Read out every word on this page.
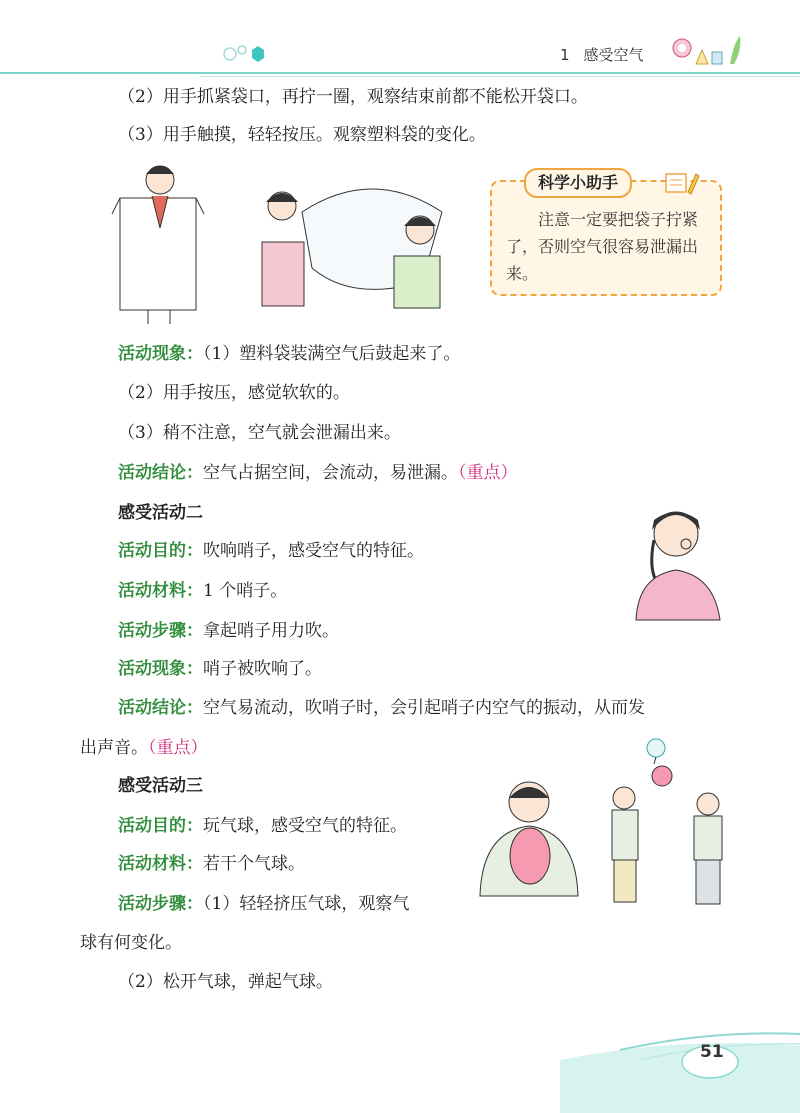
1 感受空气
（2）用手抓紧袋口，再拧一圈，观察结束前都不能松开袋口。
（3）用手触摸，轻轻按压。观察塑料袋的变化。
科学小助手
注意一定要把袋子拧紧了，否则空气很容易泄漏出来。
活动现象：（1）塑料袋装满空气后鼓起来了。
（2）用手按压，感觉软软的。
（3）稍不注意，空气就会泄漏出来。
活动结论：空气占据空间，会流动，易泄漏。（重点）
感受活动二
活动目的：吹响哨子，感受空气的特征。
活动材料：1 个哨子。
活动步骤：拿起哨子用力吹。
活动现象：哨子被吹响了。
活动结论：空气易流动，吹哨子时，会引起哨子内空气的振动，从而发
出声音。（重点）
感受活动三
活动目的：玩气球，感受空气的特征。
活动材料：若干个气球。
活动步骤：（1）轻轻挤压气球，观察气
球有何变化。
（2）松开气球，弹起气球。
51
